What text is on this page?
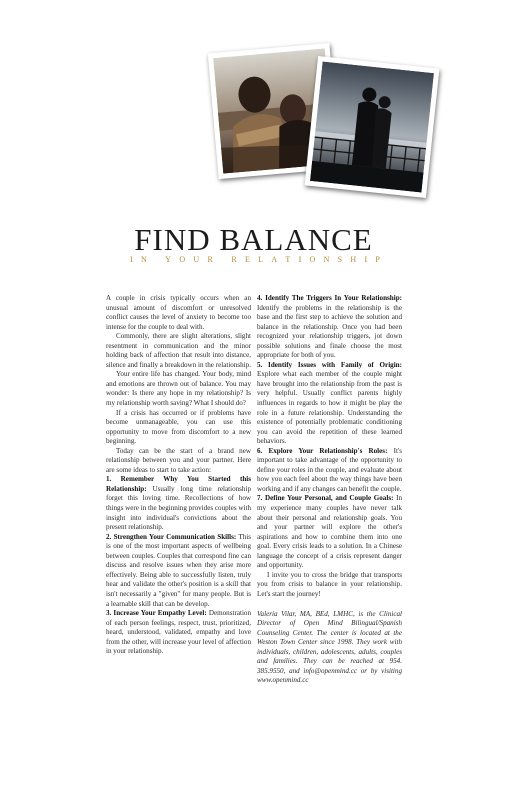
FIND BALANCE
I N
Y O U R
R E L A T I O N S H I P

A couple in crisis typically occurs when an unusual amount of discomfort or unresolved conflict causes the level of anxiety to become too intense for the couple to deal with.

Commonly, there are slight alterations, slight resentment in communication and the minor holding back of affection that result into distance, silence and finally a breakdown in the relationship.

Your entire life has changed. Your body, mind and emotions are thrown out of balance. You may wonder: Is there any hope in my relationship? Is my relationship worth saving? What I should do?

If a crisis has occurred or if problems have become unmanageable, you can use this opportunity to move from discomfort to a new beginning.

Today can be the start of a brand new relationship between you and your partner. Here are some ideas to start to take action:

1. Remember Why You Started this Relationship: Usually long time relationship forget this loving time. Recollections of how things were in the beginning provides couples with insight into individual's convictions about the present relationship.

2. Strengthen Your Communication Skills: This is one of the most important aspects of wellbeing between couples. Couples that correspond fine can discuss and resolve issues when they arise more effectively. Being able to successfully listen, truly hear and validate the other's position is a skill that isn't necessarily a "given" for many people. But is a learnable skill that can be develop.

3. Increase Your Empathy Level: Demonstration of each person feelings, respect, trust, prioritized, heard, understood, validated, empathy and love from the other, will increase your level of affection in your relationship.

4. Identify The Triggers In Your Relationship: Identify the problems in the relationship is the base and the first step to achieve the solution and balance in the relationship. Once you had been recognized your relationship triggers, jot down possible solutions and finale choose the most appropriate for both of you.

5. Identify Issues with Family of Origin: Explore what each member of the couple might have brought into the relationship from the past is very helpful. Usually conflict parents highly influences in regards to how it might be play the role in a future relationship. Understanding the existence of potentially problematic conditioning you can avoid the repetition of these learned behaviors.

6. Explore Your Relationship's Roles: It's important to take advantage of the opportunity to define your roles in the couple, and evaluate about how you each feel about the way things have been working and if any changes can benefit the couple.

7. Define Your Personal, and Couple Goals: In my experience many couples have never talk about their personal and relationship goals. You and your partner will explore the other's aspirations and how to combine them into one goal. Every crisis leads to a solution. In a Chinese language the concept of a crisis represent danger and opportunity.

I invite you to cross the bridge that transports you from crisis to balance in your relationship. Let's start the journey!

Valeria Vilar, MA, BEd, LMHC, is the Clinical Director of Open Mind Bilingual/Spanish Counseling Center. The center is located at the Weston Town Center since 1998. They work with individuals, children, adolescents, adults, couples and families. They can be reached at 954. 385.9550, and info@openmind.cc or by visiting www.openmind.cc
